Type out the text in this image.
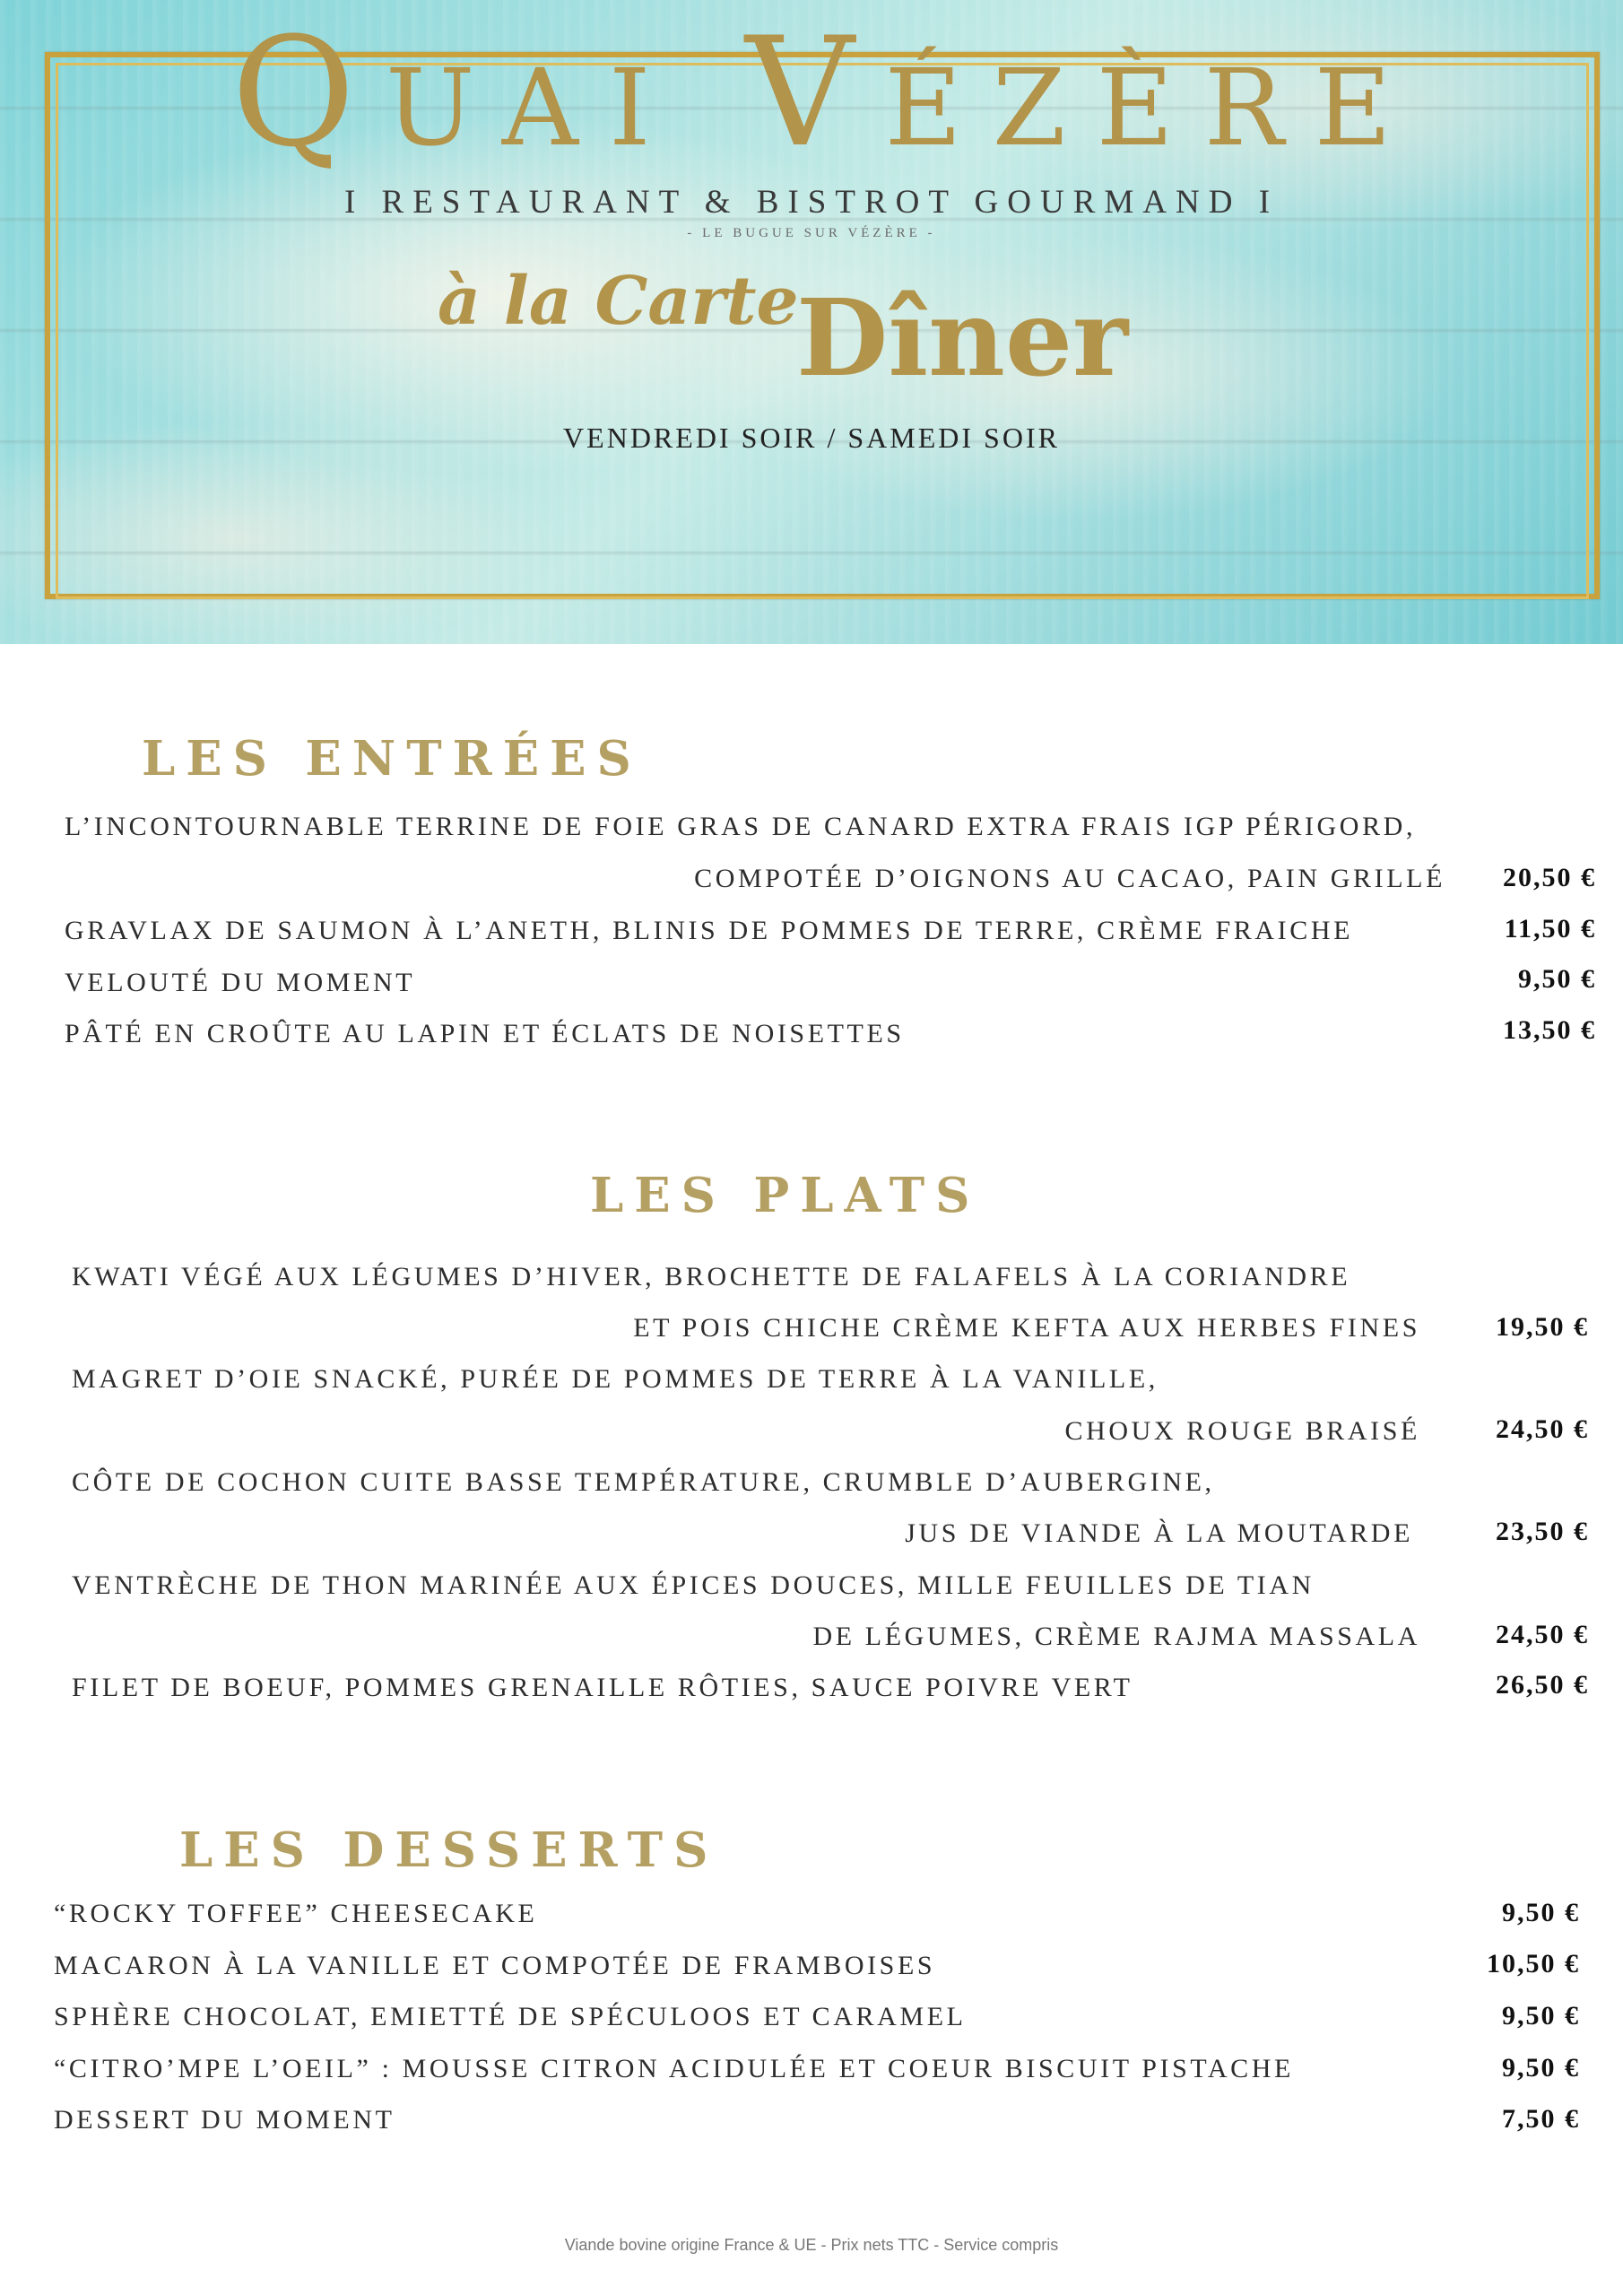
QUAI VÉZÈRE
I RESTAURANT & BISTROT GOURMAND I
- LE BUGUE SUR VÉZÈRE -
à la Carte
Dîner
VENDREDI SOIR / SAMEDI SOIR
LES ENTRÉES
L’INCONTOURNABLE TERRINE DE FOIE GRAS DE CANARD EXTRA FRAIS IGP PÉRIGORD,
COMPOTÉE D’OIGNONS AU CACAO, PAIN GRILLÉ 20,50 €
GRAVLAX DE SAUMON À L’ANETH, BLINIS DE POMMES DE TERRE, CRÈME FRAICHE	11,50 €
VELOUTÉ DU MOMENT	9,50 €
PÂTÉ EN CROÛTE AU LAPIN ET ÉCLATS DE NOISETTES	13,50 €
LES PLATS
KWATI VÉGÉ AUX LÉGUMES D’HIVER, BROCHETTE DE FALAFELS À LA CORIANDRE
ET POIS CHICHE CRÈME KEFTA AUX HERBES FINES	19,50 €
MAGRET D’OIE SNACKÉ, PURÉE DE POMMES DE TERRE À LA VANILLE,
CHOUX ROUGE BRAISÉ	24,50 €
CÔTE DE COCHON CUITE BASSE TEMPÉRATURE, CRUMBLE D’AUBERGINE,
JUS DE VIANDE À LA MOUTARDE	23,50 €
VENTRÈCHE DE THON MARINÉE AUX ÉPICES DOUCES, MILLE FEUILLES DE TIAN
DE LÉGUMES, CRÈME RAJMA MASSALA	24,50 €
FILET DE BOEUF, POMMES GRENAILLE RÔTIES, SAUCE POIVRE VERT	26,50 €
LES DESSERTS
“ROCKY TOFFEE” CHEESECAKE	9,50 €
MACARON À LA VANILLE ET COMPOTÉE DE FRAMBOISES	10,50 €
SPHÈRE CHOCOLAT, EMIETTÉ DE SPÉCULOOS ET CARAMEL	9,50 €
“CITRO’MPE L’OEIL” : MOUSSE CITRON ACIDULÉE ET COEUR BISCUIT PISTACHE	9,50 €
DESSERT DU MOMENT	7,50 €
Viande bovine origine France & UE - Prix nets TTC - Service compris
